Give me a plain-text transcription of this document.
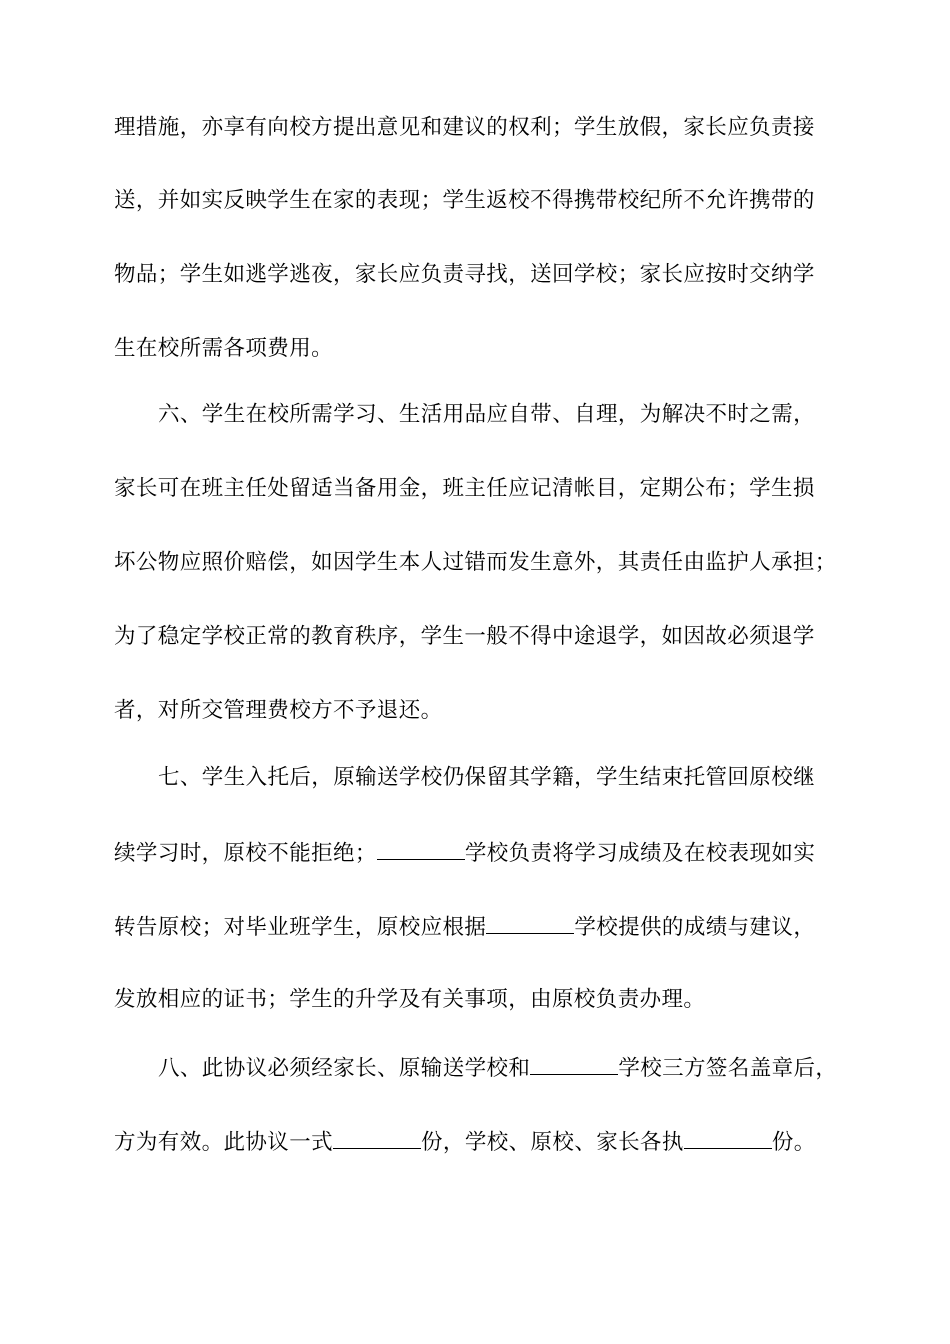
理措施，亦享有向校方提出意见和建议的权利；学生放假，家长应负责接
送，并如实反映学生在家的表现；学生返校不得携带校纪所不允许携带的
物品；学生如逃学逃夜，家长应负责寻找，送回学校；家长应按时交纳学
生在校所需各项费用。
六、学生在校所需学习、生活用品应自带、自理，为解决不时之需，
家长可在班主任处留适当备用金，班主任应记清帐目，定期公布；学生损
坏公物应照价赔偿，如因学生本人过错而发生意外，其责任由监护人承担；
为了稳定学校正常的教育秩序，学生一般不得中途退学，如因故必须退学
者，对所交管理费校方不予退还。
七、学生入托后，原输送学校仍保留其学籍，学生结束托管回原校继
续学习时，原校不能拒绝；	学校负责将学习成绩及在校表现如实
转告原校；对毕业班学生，原校应根据	学校提供的成绩与建议，
发放相应的证书；学生的升学及有关事项，由原校负责办理。
八、此协议必须经家长、原输送学校和	学校三方签名盖章后，
方为有效。此协议一式	份，学校、原校、家长各执	份。
